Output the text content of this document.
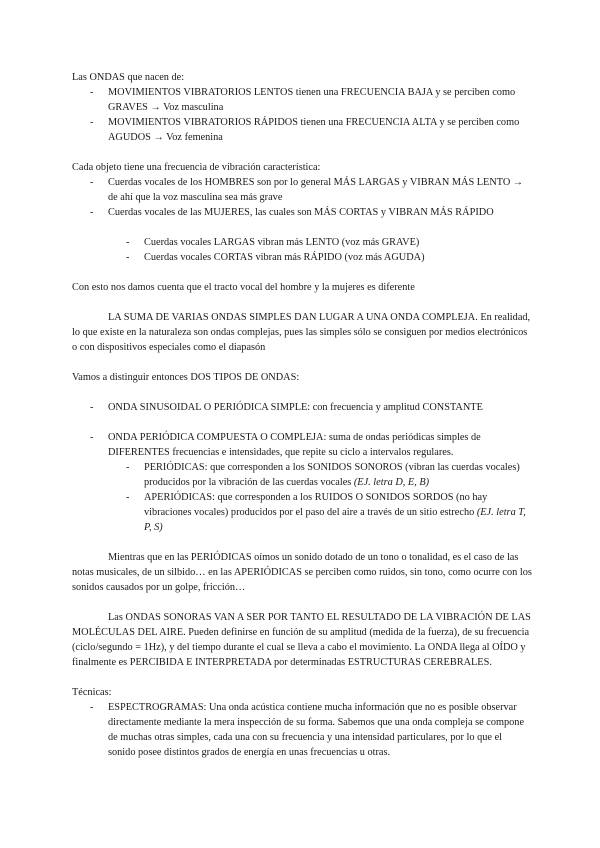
Las ONDAS que nacen de:

- MOVIMIENTOS VIBRATORIOS LENTOS tienen una FRECUENCIA BAJA y se perciben como GRAVES → Voz masculina

- MOVIMIENTOS VIBRATORIOS RÁPIDOS tienen una FRECUENCIA ALTA y se perciben como AGUDOS → Voz femenina

Cada objeto tiene una frecuencia de vibración característica:

- Cuerdas vocales de los HOMBRES son por lo general MÁS LARGAS y VIBRAN MÁS LENTO → de ahí que la voz masculina sea más grave

- Cuerdas vocales de las MUJERES, las cuales son MÁS CORTAS y VIBRAN MÁS RÁPIDO

- Cuerdas vocales LARGAS vibran más LENTO (voz más GRAVE)

- Cuerdas vocales CORTAS vibran más RÁPIDO (voz más AGUDA)

Con esto nos damos cuenta que el tracto vocal del hombre y la mujeres es diferente

LA SUMA DE VARIAS ONDAS SIMPLES DAN LUGAR A UNA ONDA COMPLEJA. En realidad, lo que existe en la naturaleza son ondas complejas, pues las simples sólo se consiguen por medios electrónicos o con dispositivos especiales como el diapasón

Vamos a distinguir entonces DOS TIPOS DE ONDAS:

- ONDA SINUSOIDAL O PERIÓDICA SIMPLE: con frecuencia y amplitud CONSTANTE

- ONDA PERIÓDICA COMPUESTA O COMPLEJA: suma de ondas periódicas simples de DIFERENTES frecuencias e intensidades, que repite su ciclo a intervalos regulares.

- PERIÓDICAS: que corresponden a los SONIDOS SONOROS (vibran las cuerdas vocales) producidos por la vibración de las cuerdas vocales (EJ. letra D, E, B)

- APERIÓDICAS: que corresponden a los RUIDOS O SONIDOS SORDOS (no hay vibraciones vocales) producidos por el paso del aire a través de un sitio estrecho (EJ. letra T, P, S)

Mientras que en las PERIÓDICAS oímos un sonido dotado de un tono o tonalidad, es el caso de las notas musicales, de un silbido… en las APERIÓDICAS se perciben como ruidos, sin tono, como ocurre con los sonidos causados por un golpe, fricción…

Las ONDAS SONORAS VAN A SER POR TANTO EL RESULTADO DE LA VIBRACIÓN DE LAS MOLÉCULAS DEL AIRE. Pueden definirse en función de su amplitud (medida de la fuerza), de su frecuencia (ciclo/segundo = 1Hz), y del tiempo durante el cual se lleva a cabo el movimiento. La ONDA llega al OÍDO y finalmente es PERCIBIDA E INTERPRETADA por determinadas ESTRUCTURAS CEREBRALES.

Técnicas:

- ESPECTROGRAMAS: Una onda acústica contiene mucha información que no es posible observar directamente mediante la mera inspección de su forma. Sabemos que una onda compleja se compone de muchas otras simples, cada una con su frecuencia y una intensidad particulares, por lo que el sonido posee distintos grados de energía en unas frecuencias u otras.
